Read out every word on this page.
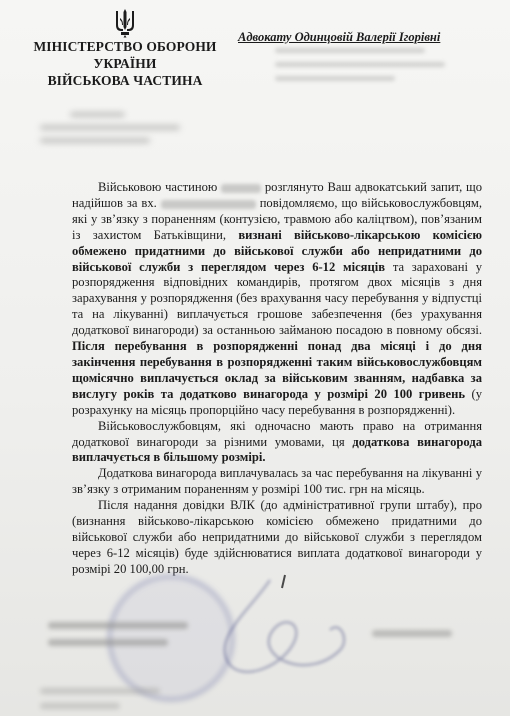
МІНІСТЕРСТВО ОБОРОНИ
УКРАЇНИ
ВІЙСЬКОВА ЧАСТИНА
Адвокату Одинцовій Валерії Ігорівні

Військовою частиною	розглянуто Ваш адвокатський запит, що надійшов за вх.	повідомляємо, що військовослужбовцям, які у зв’язку з пораненням (контузією, травмою або каліцтвом), пов’язаним із захистом Батьківщини, визнані військово-лікарською комісією обмежено придатними до військової служби або непридатними до військової служби з переглядом через 6-12 місяців та зараховані у розпорядження відповідних командирів, протягом двох місяців з дня зарахування у розпорядження (без врахування часу перебування у відпустці та на лікуванні) виплачується грошове забезпечення (без урахування додаткової винагороди) за останньою займаною посадою в повному обсязі. Після перебування в розпорядженні понад два місяці і до дня закінчення перебування в розпорядженні таким військовослужбовцям щомісячно виплачується оклад за військовим званням, надбавка за вислугу років та додатково винагорода у розмірі 20 100 гривень (у розрахунку на місяць пропорційно часу перебування в розпорядженні).

Військовослужбовцям, які одночасно мають право на отримання додаткової винагороди за різними умовами, ця додаткова винагорода виплачується в більшому розмірі.

Додаткова винагорода виплачувалась за час перебування на лікуванні у зв’язку з отриманим пораненням у розмірі 100 тис. грн на місяць.

Після надання довідки ВЛК (до адміністративної групи штабу), про (визнання військово-лікарською комісією обмежено придатними до військової служби або непридатними до військової служби з переглядом через 6-12 місяців) буде здійснюватися виплата додаткової винагороди у розмірі 20 100,00 грн.
